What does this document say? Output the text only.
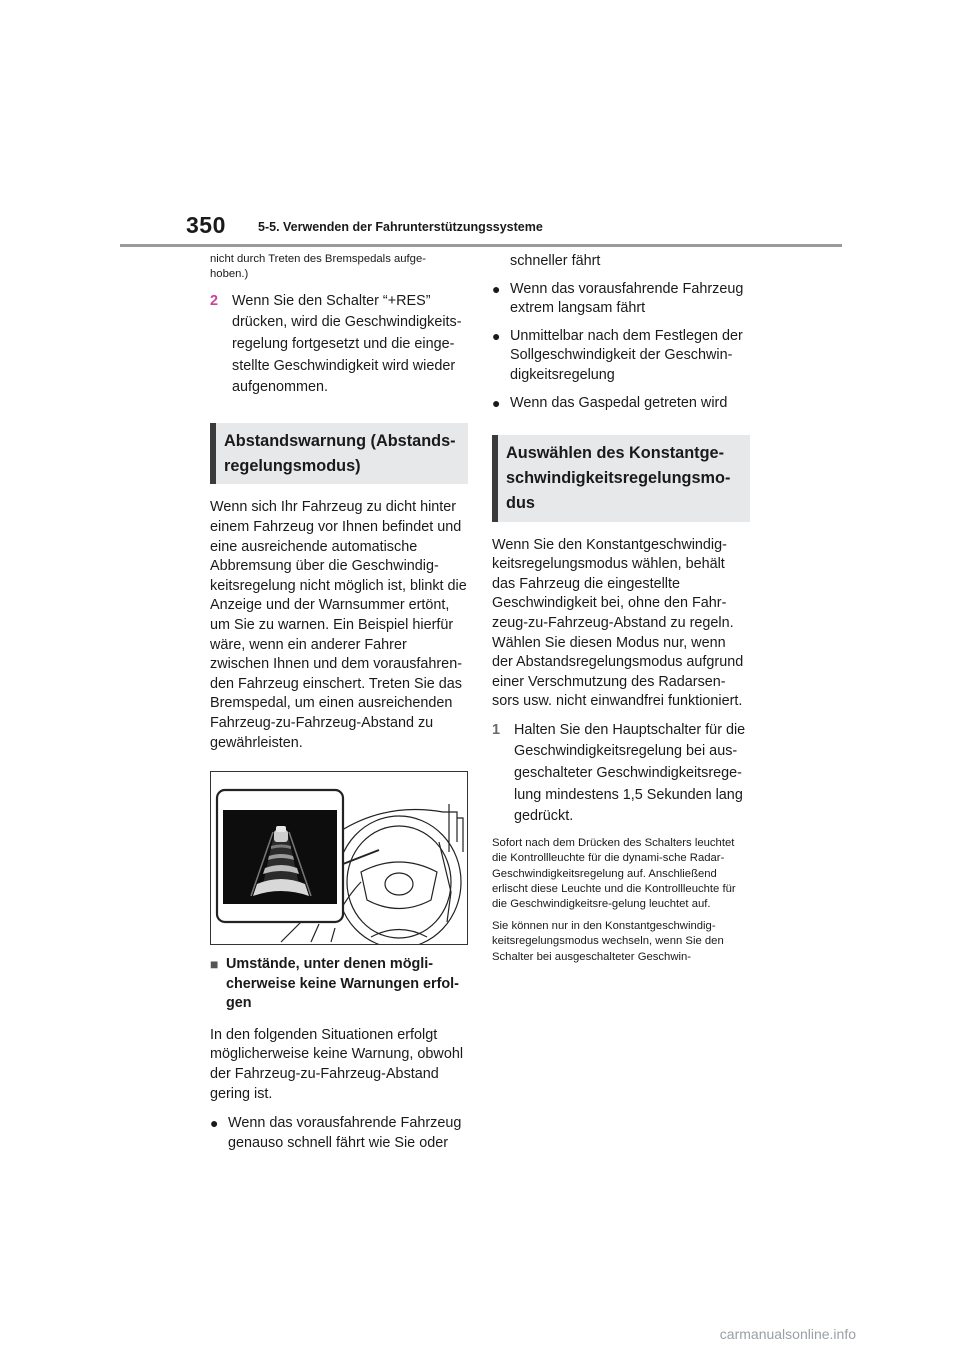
350	5-5. Verwenden der Fahrunterstützungssysteme

nicht durch Treten des Bremspedals aufge-
hoben.)

2 Wenn Sie den Schalter “+RES” drücken, wird die Geschwindigkeits-regelung fortgesetzt und die einge-stellte Geschwindigkeit wird wieder aufgenommen.
Abstandswarnung (Abstands-regelungsmodus)

Wenn sich Ihr Fahrzeug zu dicht hinter einem Fahrzeug vor Ihnen befindet und eine ausreichende automatische Abbremsung über die Geschwindig-keitsregelung nicht möglich ist, blinkt die Anzeige und der Warnsummer ertönt, um Sie zu warnen. Ein Beispiel hierfür wäre, wenn ein anderer Fahrer zwischen Ihnen und dem vorausfahren-den Fahrzeug einschert. Treten Sie das Bremspedal, um einen ausreichenden Fahrzeug-zu-Fahrzeug-Abstand zu gewährleisten.

■ Umstände, unter denen mögli-cherweise keine Warnungen erfol-gen

In den folgenden Situationen erfolgt möglicherweise keine Warnung, obwohl der Fahrzeug-zu-Fahrzeug-Abstand gering ist.

● Wenn das vorausfahrende Fahrzeug genauso schnell fährt wie Sie oder
schneller fährt
● Wenn das vorausfahrende Fahrzeug extrem langsam fährt
● Unmittelbar nach dem Festlegen der Sollgeschwindigkeit der Geschwin-digkeitsregelung
● Wenn das Gaspedal getreten wird
Auswählen des Konstantge-schwindigkeitsregelungsmo-dus

Wenn Sie den Konstantgeschwindig-keitsregelungsmodus wählen, behält das Fahrzeug die eingestellte Geschwindigkeit bei, ohne den Fahr-zeug-zu-Fahrzeug-Abstand zu regeln. Wählen Sie diesen Modus nur, wenn der Abstandsregelungsmodus aufgrund einer Verschmutzung des Radarsen-sors usw. nicht einwandfrei funktioniert.

1 Halten Sie den Hauptschalter für die Geschwindigkeitsregelung bei aus-geschalteter Geschwindigkeitsrege-lung mindestens 1,5 Sekunden lang gedrückt.

Sofort nach dem Drücken des Schalters leuchtet die Kontrollleuchte für die dynami-sche Radar-Geschwindigkeitsregelung auf. Anschließend erlischt diese Leuchte und die Kontrollleuchte für die Geschwindigkeitsre-gelung leuchtet auf.

Sie können nur in den Konstantgeschwindig-keitsregelungsmodus wechseln, wenn Sie den Schalter bei ausgeschalteter Geschwin-

carmanualsonline.info
